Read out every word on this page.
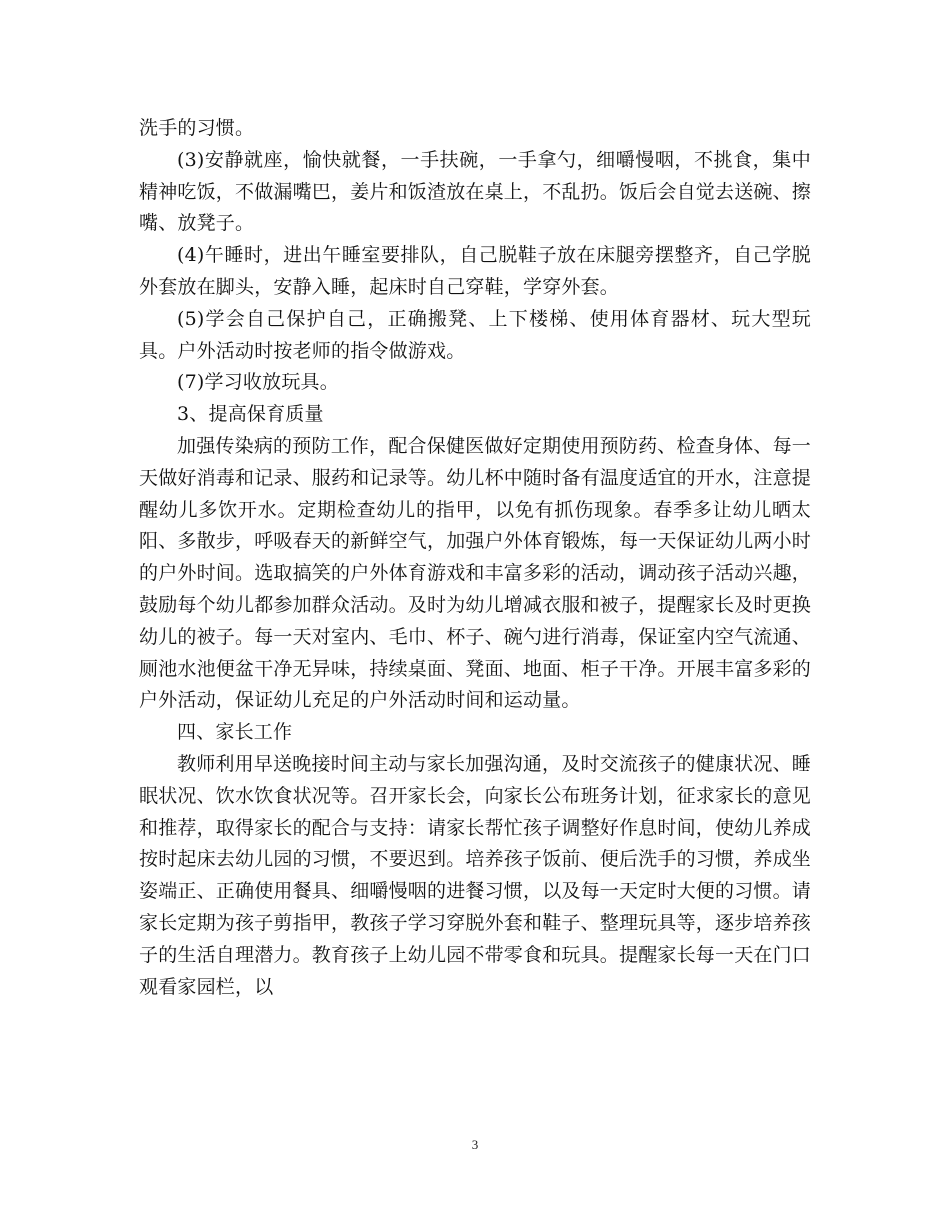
洗手的习惯。

(3)安静就座，愉快就餐，一手扶碗，一手拿勺，细嚼慢咽，不挑食，集中精神吃饭，不做漏嘴巴，姜片和饭渣放在桌上，不乱扔。饭后会自觉去送碗、擦嘴、放凳子。

(4)午睡时，进出午睡室要排队，自己脱鞋子放在床腿旁摆整齐，自己学脱外套放在脚头，安静入睡，起床时自己穿鞋，学穿外套。

(5)学会自己保护自己，正确搬凳、上下楼梯、使用体育器材、玩大型玩具。户外活动时按老师的指令做游戏。

(7)学习收放玩具。

3、提高保育质量

加强传染病的预防工作，配合保健医做好定期使用预防药、检查身体、每一天做好消毒和记录、服药和记录等。幼儿杯中随时备有温度适宜的开水，注意提醒幼儿多饮开水。定期检查幼儿的指甲，以免有抓伤现象。春季多让幼儿晒太阳、多散步，呼吸春天的新鲜空气，加强户外体育锻炼，每一天保证幼儿两小时的户外时间。选取搞笑的户外体育游戏和丰富多彩的活动，调动孩子活动兴趣，鼓励每个幼儿都参加群众活动。及时为幼儿增减衣服和被子，提醒家长及时更换幼儿的被子。每一天对室内、毛巾、杯子、碗勺进行消毒，保证室内空气流通、厕池水池便盆干净无异味，持续桌面、凳面、地面、柜子干净。开展丰富多彩的户外活动，保证幼儿充足的户外活动时间和运动量。

四、家长工作

教师利用早送晚接时间主动与家长加强沟通，及时交流孩子的健康状况、睡眠状况、饮水饮食状况等。召开家长会，向家长公布班务计划，征求家长的意见和推荐，取得家长的配合与支持：请家长帮忙孩子调整好作息时间，使幼儿养成按时起床去幼儿园的习惯，不要迟到。培养孩子饭前、便后洗手的习惯，养成坐姿端正、正确使用餐具、细嚼慢咽的进餐习惯，以及每一天定时大便的习惯。请家长定期为孩子剪指甲，教孩子学习穿脱外套和鞋子、整理玩具等，逐步培养孩子的生活自理潜力。教育孩子上幼儿园不带零食和玩具。提醒家长每一天在门口观看家园栏，以

3
